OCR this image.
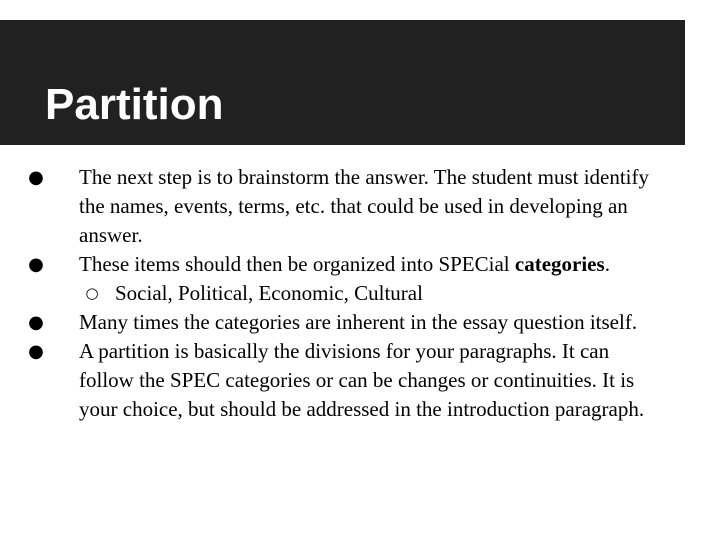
Partition
● The next step is to brainstorm the answer. The student must identify the names, events, terms, etc. that could be used in developing an answer.
● These items should then be organized into SPECial categories.
○ Social, Political, Economic, Cultural
● Many times the categories are inherent in the essay question itself.
● A partition is basically the divisions for your paragraphs. It can follow the SPEC categories or can be changes or continuities. It is your choice, but should be addressed in the introduction paragraph.
